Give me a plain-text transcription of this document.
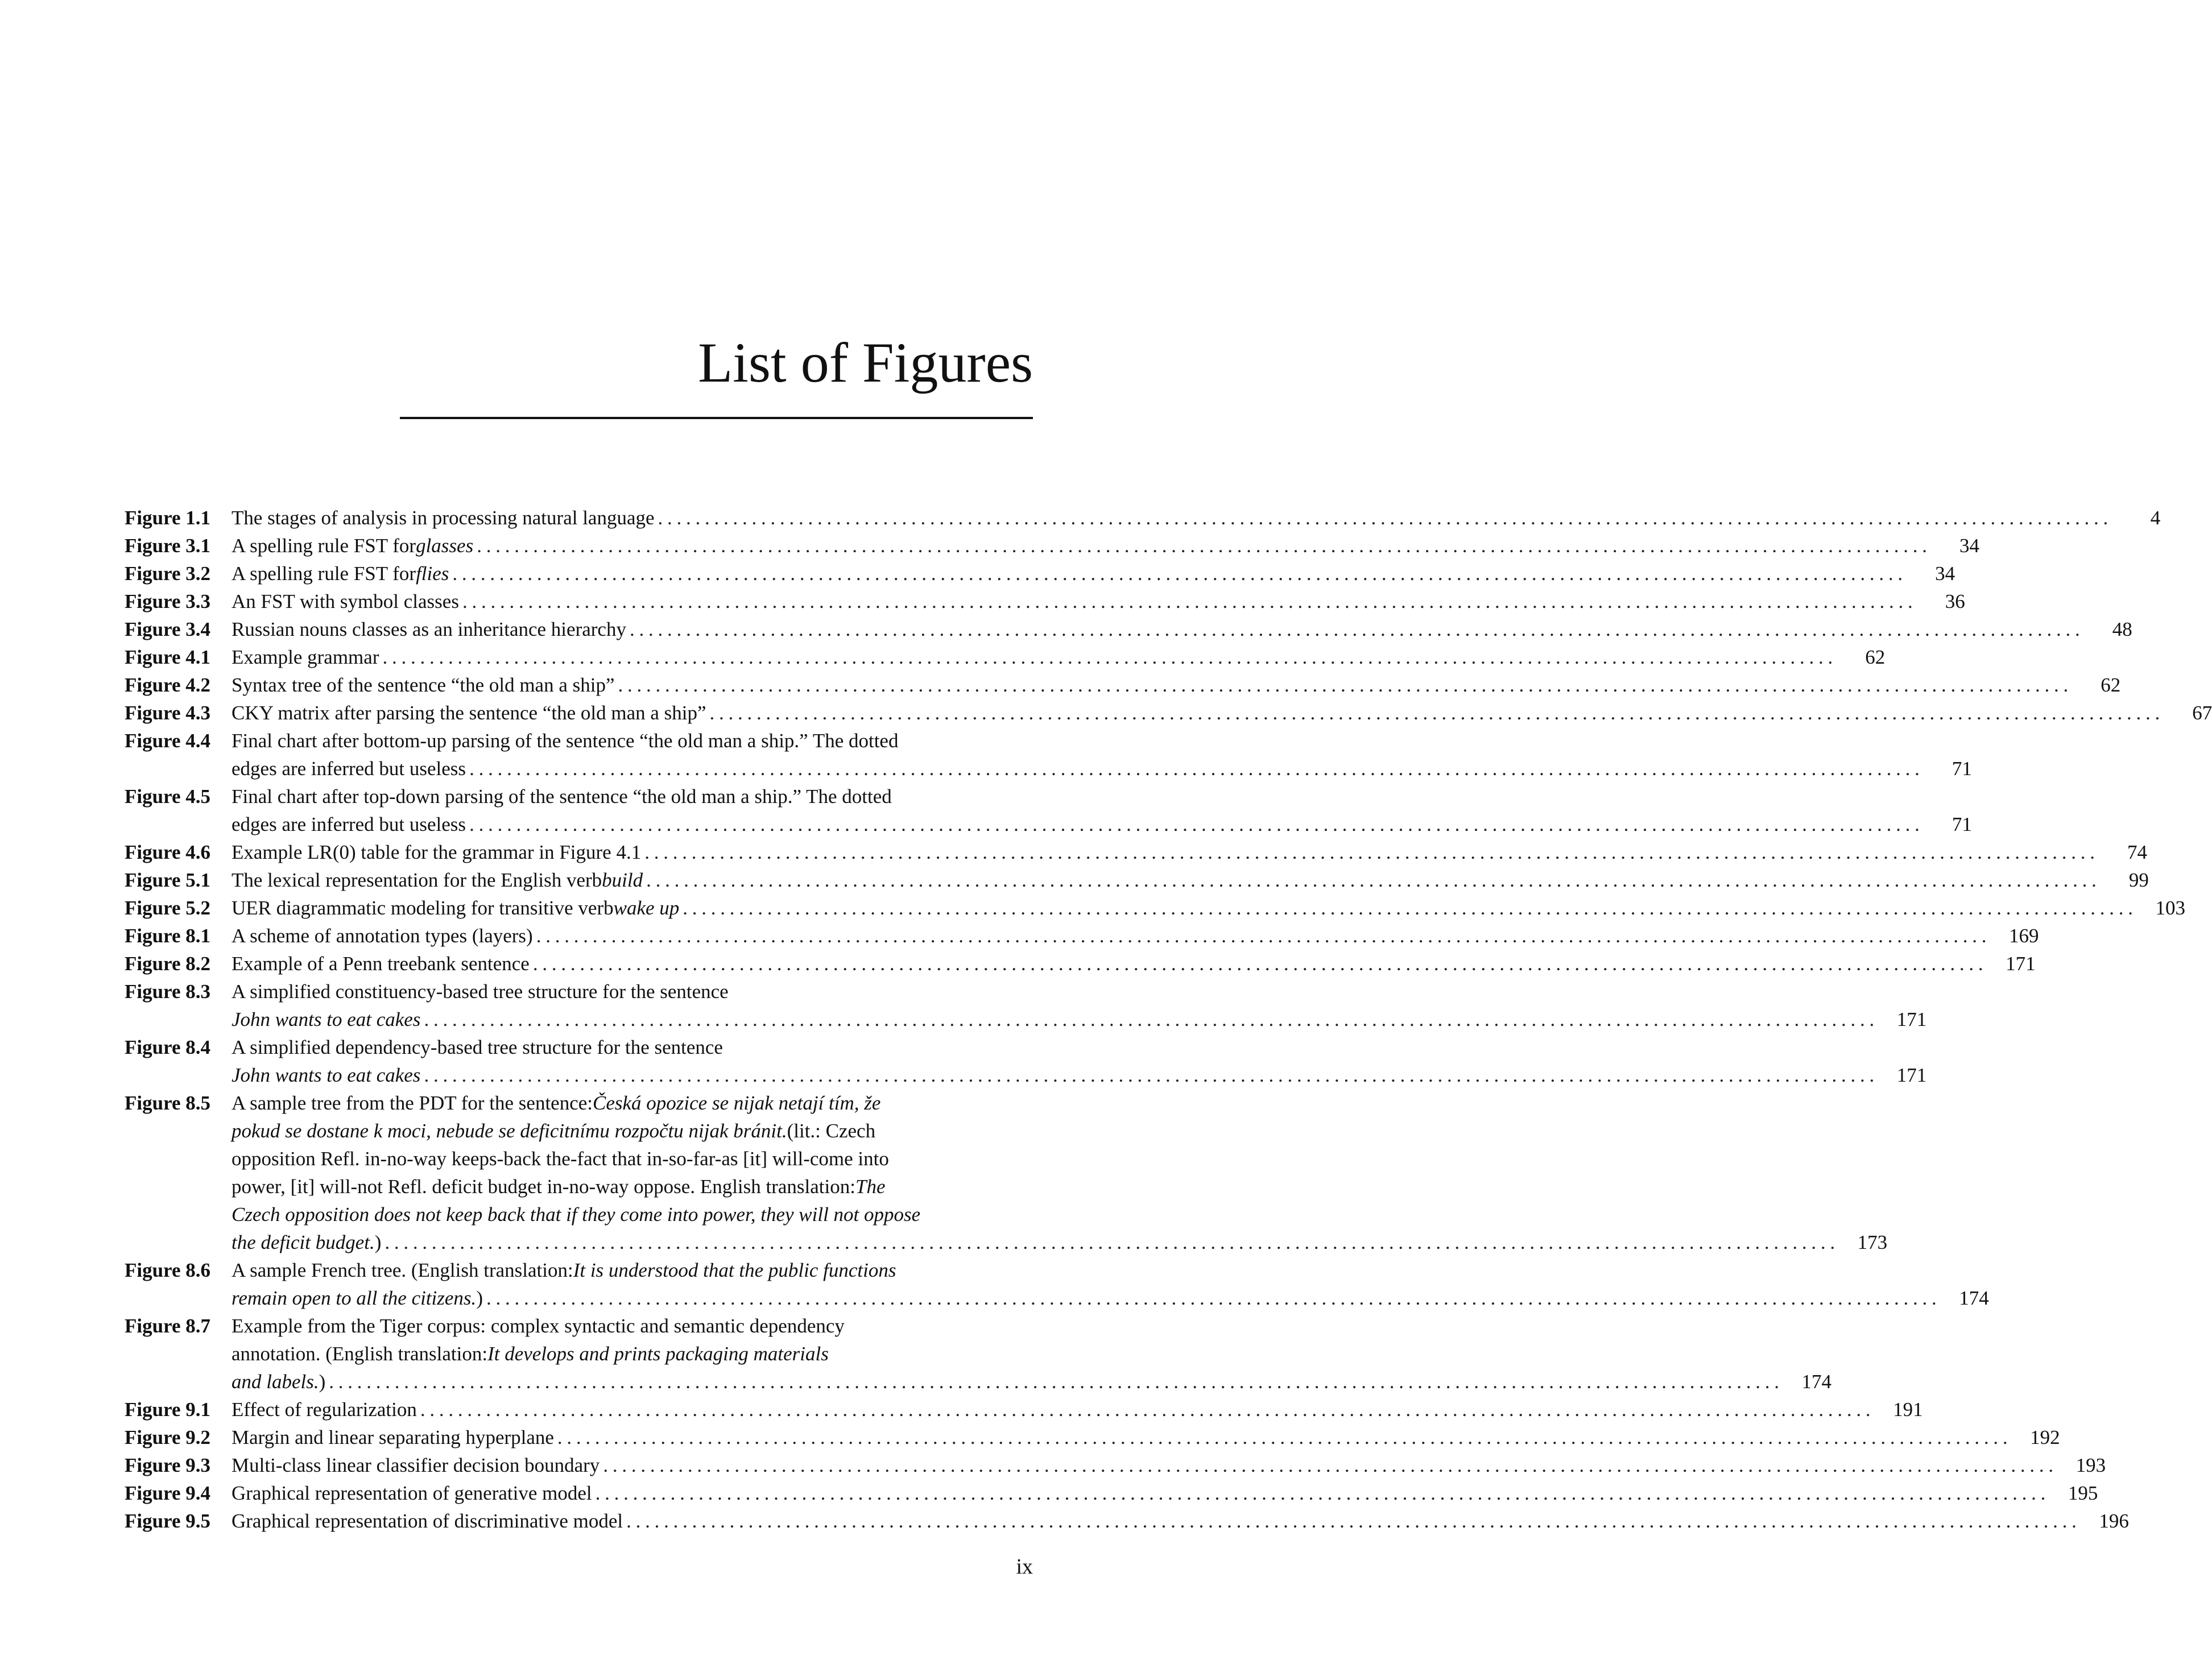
List of Figures
Figure 1.1	The stages of analysis in processing natural language . . .	4
Figure 3.1	A spelling rule FST for glasses . . .	34
Figure 3.2	A spelling rule FST for flies . . .	34
Figure 3.3	An FST with symbol classes . . .	36
Figure 3.4	Russian nouns classes as an inheritance hierarchy . . .	48
Figure 4.1	Example grammar . . .	62
Figure 4.2	Syntax tree of the sentence “the old man a ship” . . .	62
Figure 4.3	CKY matrix after parsing the sentence “the old man a ship” . . .	67
Figure 4.4	Final chart after bottom-up parsing of the sentence “the old man a ship.” The dotted
edges are inferred but useless . . .	71
Figure 4.5	Final chart after top-down parsing of the sentence “the old man a ship.” The dotted
edges are inferred but useless . . .	71
Figure 4.6	Example LR(0) table for the grammar in Figure 4.1 . . .	74
Figure 5.1	The lexical representation for the English verb build . . .	99
Figure 5.2	UER diagrammatic modeling for transitive verb wake up . . .	103
Figure 8.1	A scheme of annotation types (layers) . . .	169
Figure 8.2	Example of a Penn treebank sentence . . .	171
Figure 8.3	A simplified constituency-based tree structure for the sentence
John wants to eat cakes . . .	171
Figure 8.4	A simplified dependency-based tree structure for the sentence
John wants to eat cakes . . .	171
Figure 8.5	A sample tree from the PDT for the sentence: Česká opozice se nijak netají tím, že
pokud se dostane k moci, nebude se deficitnímu rozpočtu nijak bránit. (lit.: Czech
opposition Refl. in-no-way keeps-back the-fact that in-so-far-as [it] will-come into
power, [it] will-not Refl. deficit budget in-no-way oppose. English translation: The
Czech opposition does not keep back that if they come into power, they will not oppose
the deficit budget. ) . . .	173
Figure 8.6	A sample French tree. (English translation: It is understood that the public functions
remain open to all the citizens. ) . . .	174
Figure 8.7	Example from the Tiger corpus: complex syntactic and semantic dependency
annotation. (English translation: It develops and prints packaging materials
and labels. ) . . .	174
Figure 9.1	Effect of regularization . . .	191
Figure 9.2	Margin and linear separating hyperplane . . .	192
Figure 9.3	Multi-class linear classifier decision boundary . . .	193
Figure 9.4	Graphical representation of generative model . . .	195
Figure 9.5	Graphical representation of discriminative model . . .	196
ix
